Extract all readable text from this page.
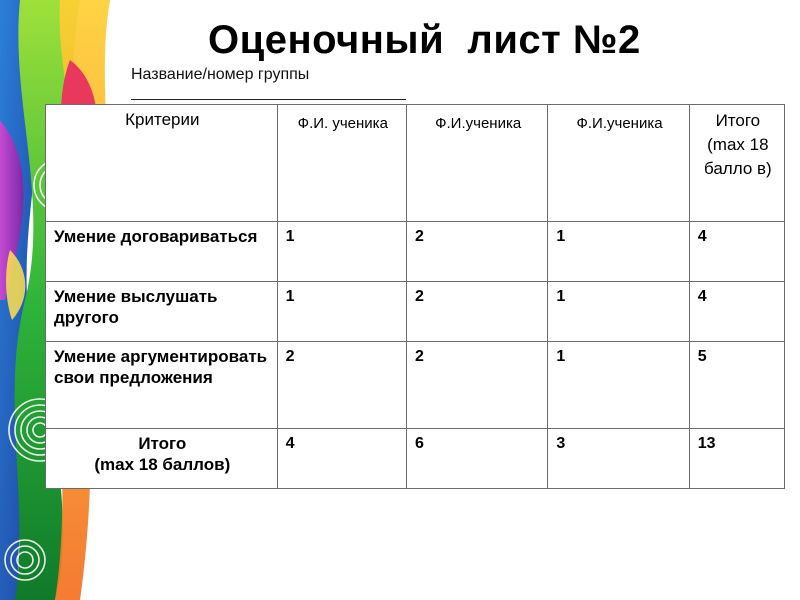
Оценочный  лист №2
Название/номер группы
Критерии	Ф.И. ученика	Ф.И.ученика	Ф.И.ученика	Итого (max 18 балло в)
Умение договариваться	1	2	1	4
Умение выслушать другого	1	2	1	4
Умение аргументировать свои предложения	2	2	1	5

Итого
(max 18 баллов)	4	6	3	13
